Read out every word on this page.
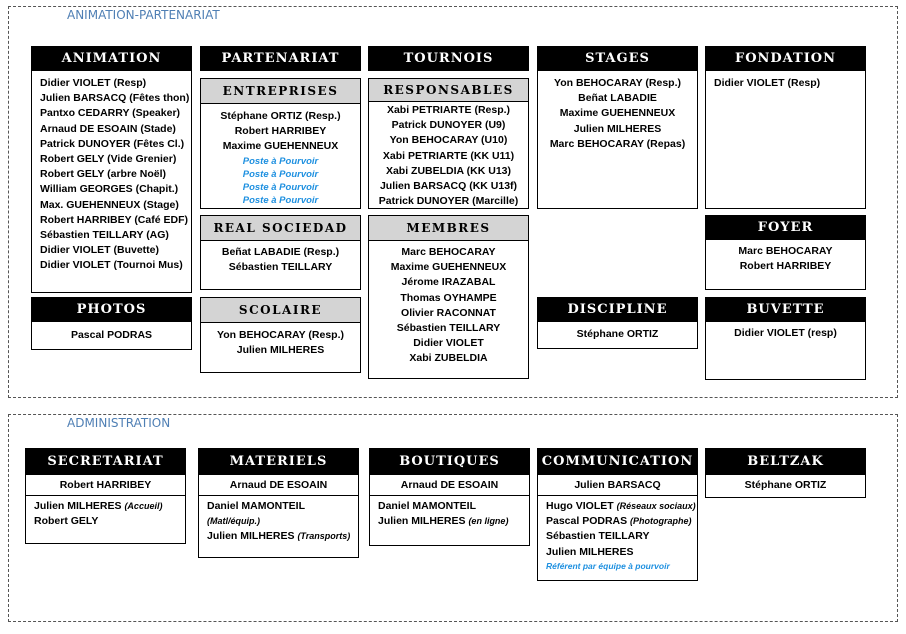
ANIMATION-PARTENARIAT
ADMINISTRATION
ANIMATION
Didier VIOLET (Resp)
Julien BARSACQ (Fêtes thon)
Pantxo CEDARRY (Speaker)
Arnaud DE ESOAIN (Stade)
Patrick DUNOYER (Fêtes Cl.)
Robert GELY (Vide Grenier)
Robert GELY (arbre Noël)
William GEORGES (Chapit.)
Max. GUEHENNEUX (Stage)
Robert HARRIBEY (Café EDF)
Sébastien TEILLARY (AG)
Didier VIOLET (Buvette)
Didier VIOLET (Tournoi Mus)
PHOTOS
Pascal PODRAS
PARTENARIAT
ENTREPRISES
Stéphane ORTIZ (Resp.)
Robert HARRIBEY
Maxime GUEHENNEUX
Poste à Pourvoir
Poste à Pourvoir
Poste à Pourvoir
Poste à Pourvoir
REAL SOCIEDAD
Beñat LABADIE (Resp.)
Sébastien TEILLARY
SCOLAIRE
Yon BEHOCARAY (Resp.)
Julien MILHERES
TOURNOIS
RESPONSABLES
Xabi PETRIARTE (Resp.)
Patrick DUNOYER (U9)
Yon BEHOCARAY (U10)
Xabi PETRIARTE (KK U11)
Xabi ZUBELDIA (KK U13)
Julien BARSACQ (KK U13f)
Patrick DUNOYER (Marcille)
MEMBRES
Marc BEHOCARAY
Maxime GUEHENNEUX
Jérome IRAZABAL
Thomas OYHAMPE
Olivier RACONNAT
Sébastien TEILLARY
Didier VIOLET
Xabi ZUBELDIA
STAGES
Yon BEHOCARAY (Resp.)
Beñat LABADIE
Maxime GUEHENNEUX
Julien MILHERES
Marc BEHOCARAY (Repas)
DISCIPLINE
Stéphane ORTIZ
FONDATION
Didier VIOLET (Resp)
FOYER
Marc BEHOCARAY
Robert HARRIBEY
BUVETTE
Didier VIOLET (resp)
SECRETARIAT
Robert HARRIBEY
Julien MILHERES (Accueil)
Robert GELY
MATERIELS
Arnaud DE ESOAIN
Daniel MAMONTEIL
(Matl/équip.)
Julien MILHERES (Transports)
BOUTIQUES
Arnaud DE ESOAIN
Daniel MAMONTEIL
Julien MILHERES (en ligne)
COMMUNICATION
Julien BARSACQ
Hugo VIOLET (Réseaux sociaux)
Pascal PODRAS (Photographe)
Sébastien TEILLARY
Julien MILHERES
Référent par équipe à pourvoir
BELTZAK
Stéphane ORTIZ
